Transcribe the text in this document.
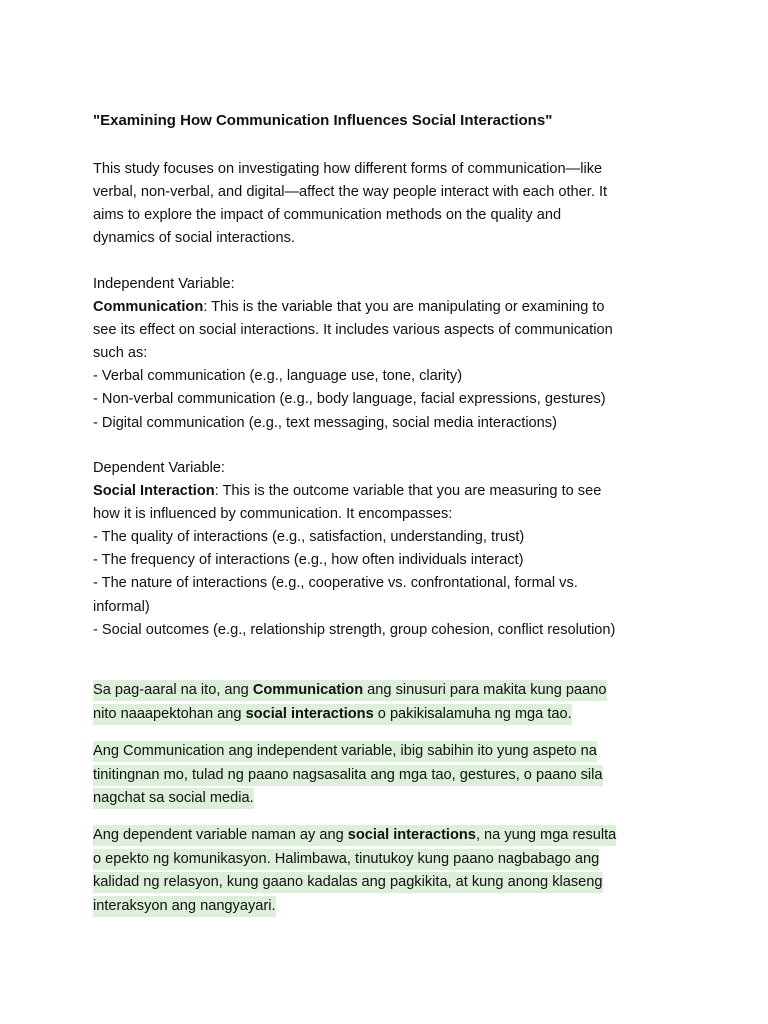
"Examining How Communication Influences Social Interactions"
This study focuses on investigating how different forms of communication—like
verbal, non-verbal, and digital—affect the way people interact with each other. It
aims to explore the impact of communication methods on the quality and
dynamics of social interactions.
Independent Variable:
Communication: This is the variable that you are manipulating or examining to
see its effect on social interactions. It includes various aspects of communication
such as:
- Verbal communication (e.g., language use, tone, clarity)
- Non-verbal communication (e.g., body language, facial expressions, gestures)
- Digital communication (e.g., text messaging, social media interactions)
Dependent Variable:
Social Interaction: This is the outcome variable that you are measuring to see
how it is influenced by communication. It encompasses:
- The quality of interactions (e.g., satisfaction, understanding, trust)
- The frequency of interactions (e.g., how often individuals interact)
- The nature of interactions (e.g., cooperative vs. confrontational, formal vs.
informal)
- Social outcomes (e.g., relationship strength, group cohesion, conflict resolution)
Sa pag-aaral na ito, ang Communication ang sinusuri para makita kung paano
nito naaapektohan ang social interactions o pakikisalamuha ng mga tao.
Ang Communication ang independent variable, ibig sabihin ito yung aspeto na
tinitingnan mo, tulad ng paano nagsasalita ang mga tao, gestures, o paano sila
nagchat sa social media.
Ang dependent variable naman ay ang social interactions, na yung mga resulta
o epekto ng komunikasyon. Halimbawa, tinutukoy kung paano nagbabago ang
kalidad ng relasyon, kung gaano kadalas ang pagkikita, at kung anong klaseng
interaksyon ang nangyayari.
